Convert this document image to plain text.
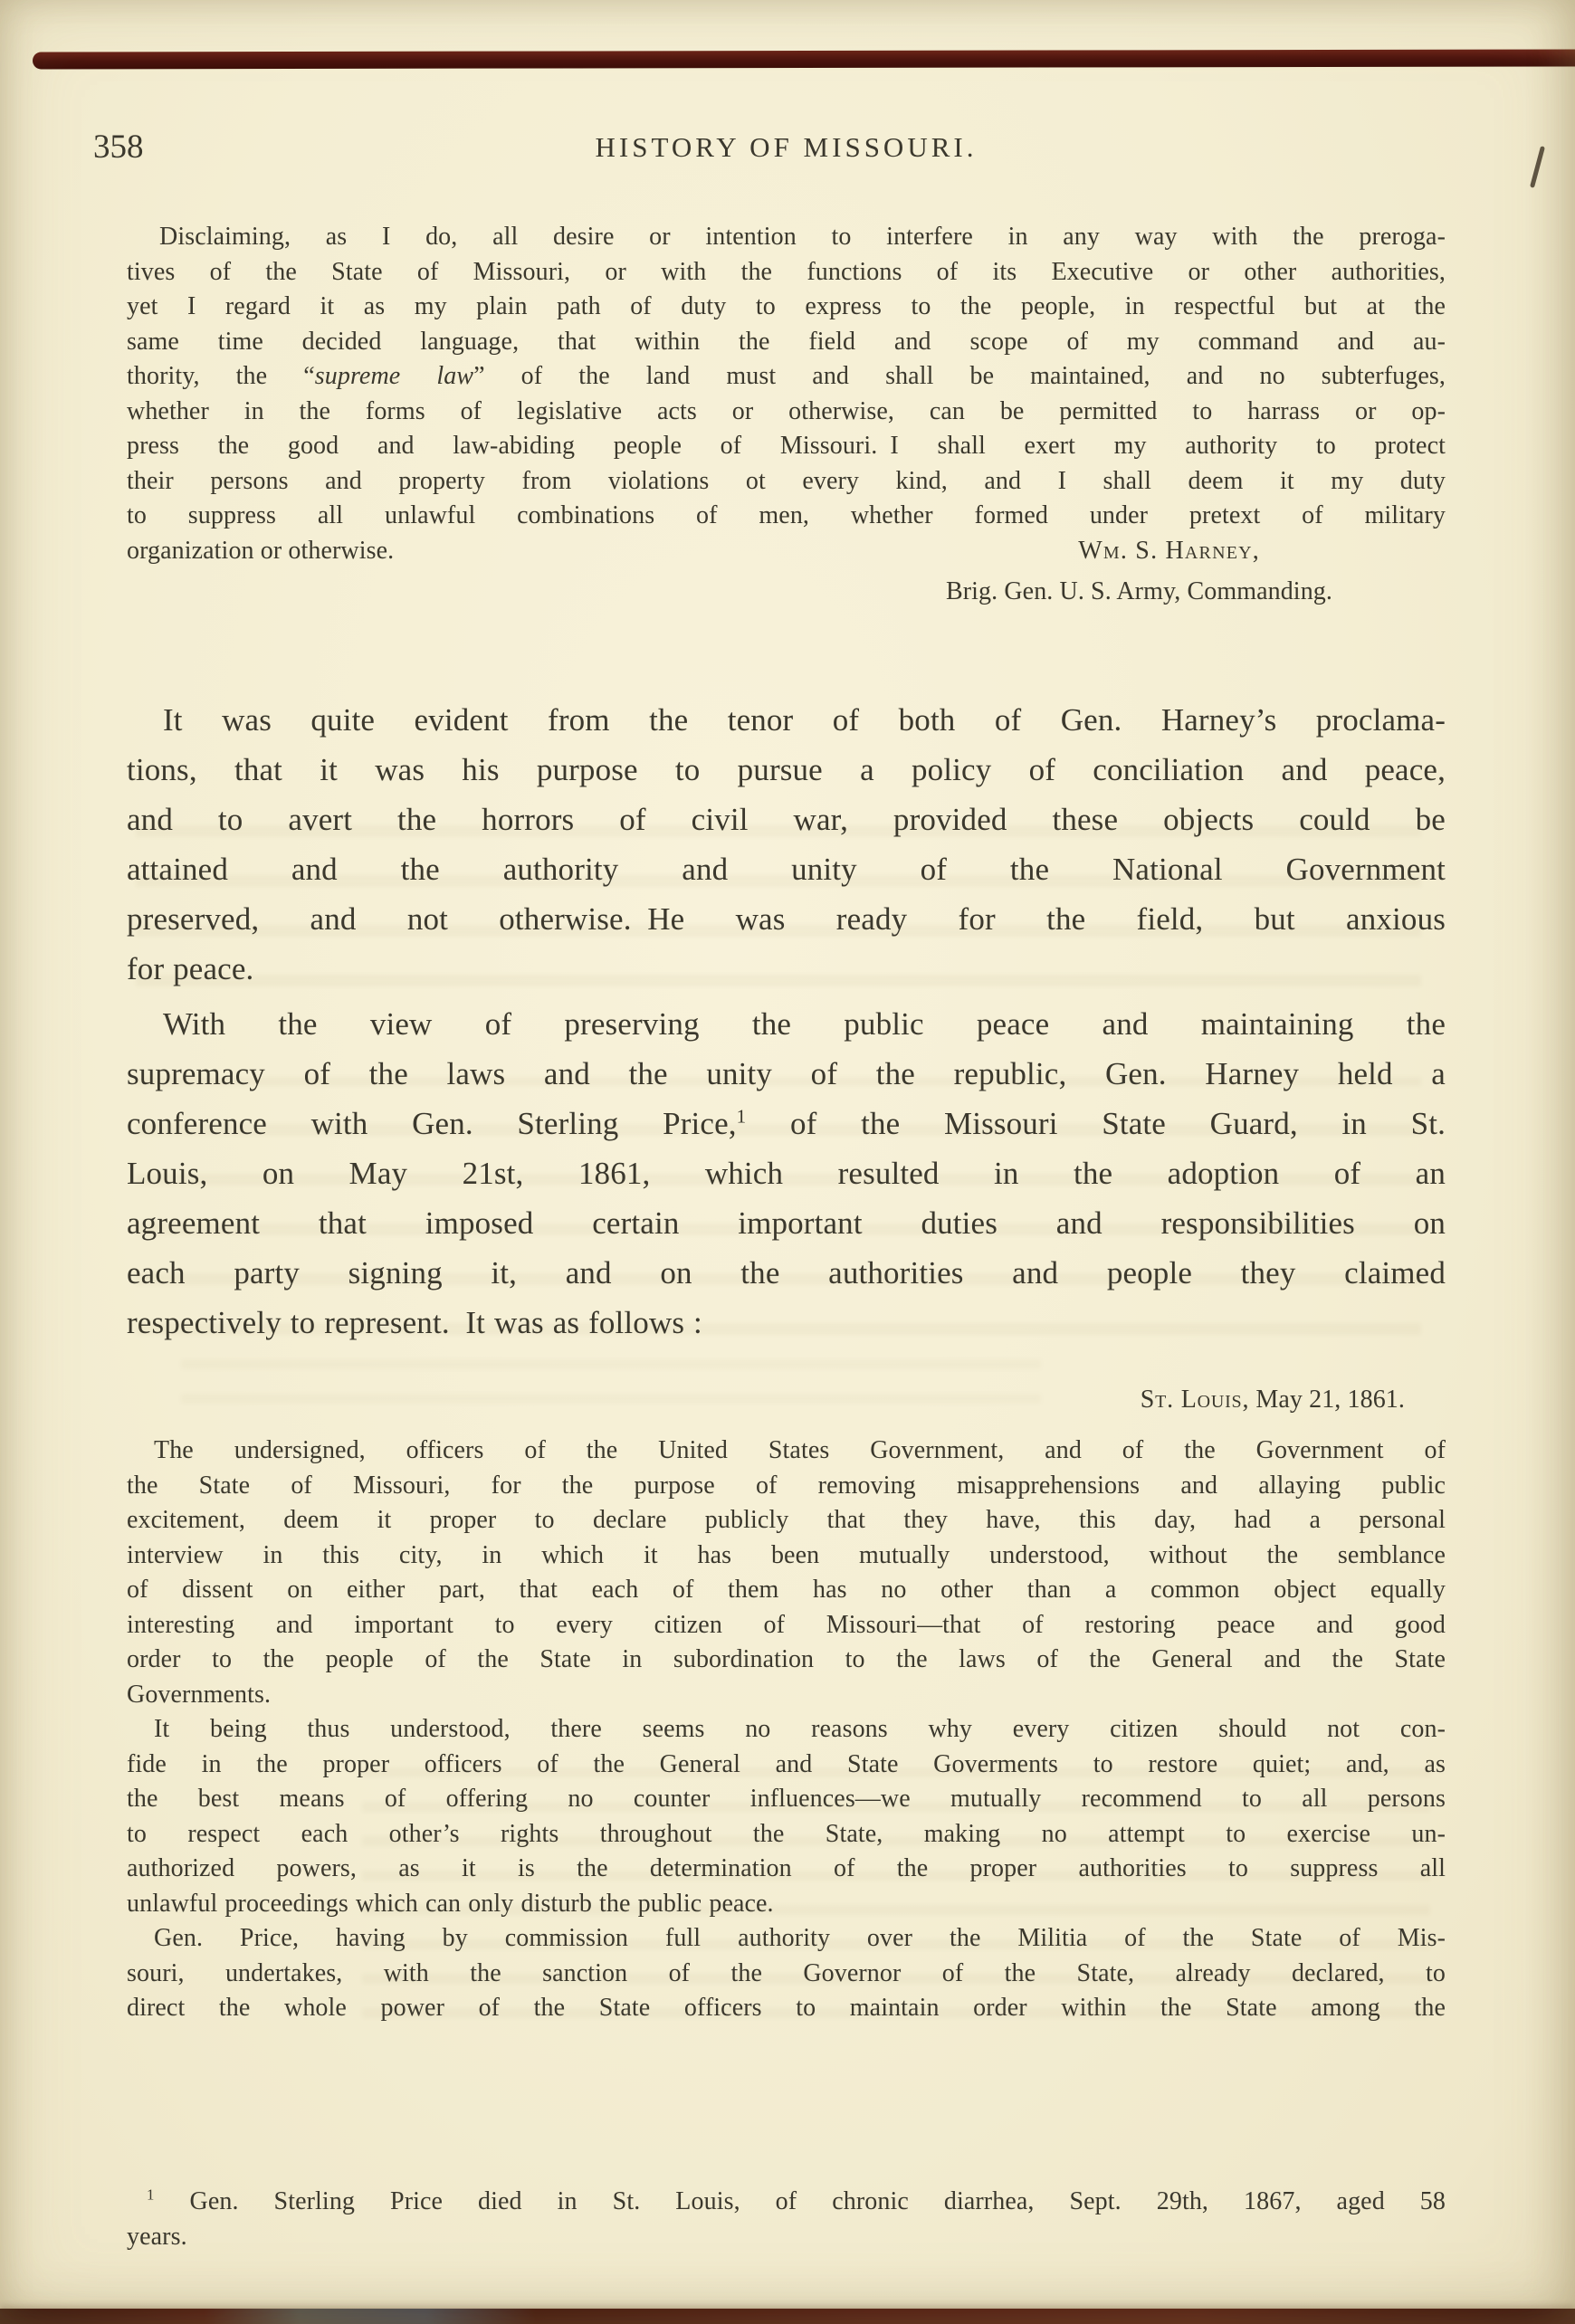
358	HISTORY OF MISSOURI.
Disclaiming, as I do, all desire or intention to interfere in any way with the preroga-
tives of the State of Missouri, or with the functions of its Executive or other authorities,
yet I regard it as my plain path of duty to express to the people, in respectful but at the
same time decided language, that within the field and scope of my command and au-
thority, the “supreme law” of the land must and shall be maintained, and no subterfuges,
whether in the forms of legislative acts or otherwise, can be permitted to harrass or op-
press the good and law-abiding people of Missouri. I shall exert my authority to protect
their persons and property from violations ot every kind, and I shall deem it my duty
to suppress all unlawful combinations of men, whether formed under pretext of military
organization or otherwise.	Wm. S. Harney,
Brig. Gen. U. S. Army, Commanding.
It was quite evident from the tenor of both of Gen. Harney’s proclama-
tions, that it was his purpose to pursue a policy of conciliation and peace,
and to avert the horrors of civil war, provided these objects could be
attained and the authority and unity of the National Government
preserved, and not otherwise. He was ready for the field, but anxious
for peace.
With the view of preserving the public peace and maintaining the
supremacy of the laws and the unity of the republic, Gen. Harney held a
conference with Gen. Sterling Price,$^1$ of the Missouri State Guard, in St.
Louis, on May 21st, 1861, which resulted in the adoption of an
agreement that imposed certain important duties and responsibilities on
each party signing it, and on the authorities and people they claimed
respectively to represent. It was as follows :
St. Louis, May 21, 1861.
The undersigned, officers of the United States Government, and of the Government of
the State of Missouri, for the purpose of removing misapprehensions and allaying public
excitement, deem it proper to declare publicly that they have, this day, had a personal
interview in this city, in which it has been mutually understood, without the semblance
of dissent on either part, that each of them has no other than a common object equally
interesting and important to every citizen of Missouri—that of restoring peace and good
order to the people of the State in subordination to the laws of the General and the State
Governments.
It being thus understood, there seems no reasons why every citizen should not con-
fide in the proper officers of the General and State Goverments to restore quiet; and, as
the best means of offering no counter influences—we mutually recommend to all persons
to respect each other’s rights throughout the State, making no attempt to exercise un-
authorized powers, as it is the determination of the proper authorities to suppress all
unlawful proceedings which can only disturb the public peace.
Gen. Price, having by commission full authority over the Militia of the State of Mis-
souri, undertakes, with the sanction of the Governor of the State, already declared, to
direct the whole power of the State officers to maintain order within the State among the
$^1$ Gen. Sterling Price died in St. Louis, of chronic diarrhea, Sept. 29th, 1867, aged 58
years.
